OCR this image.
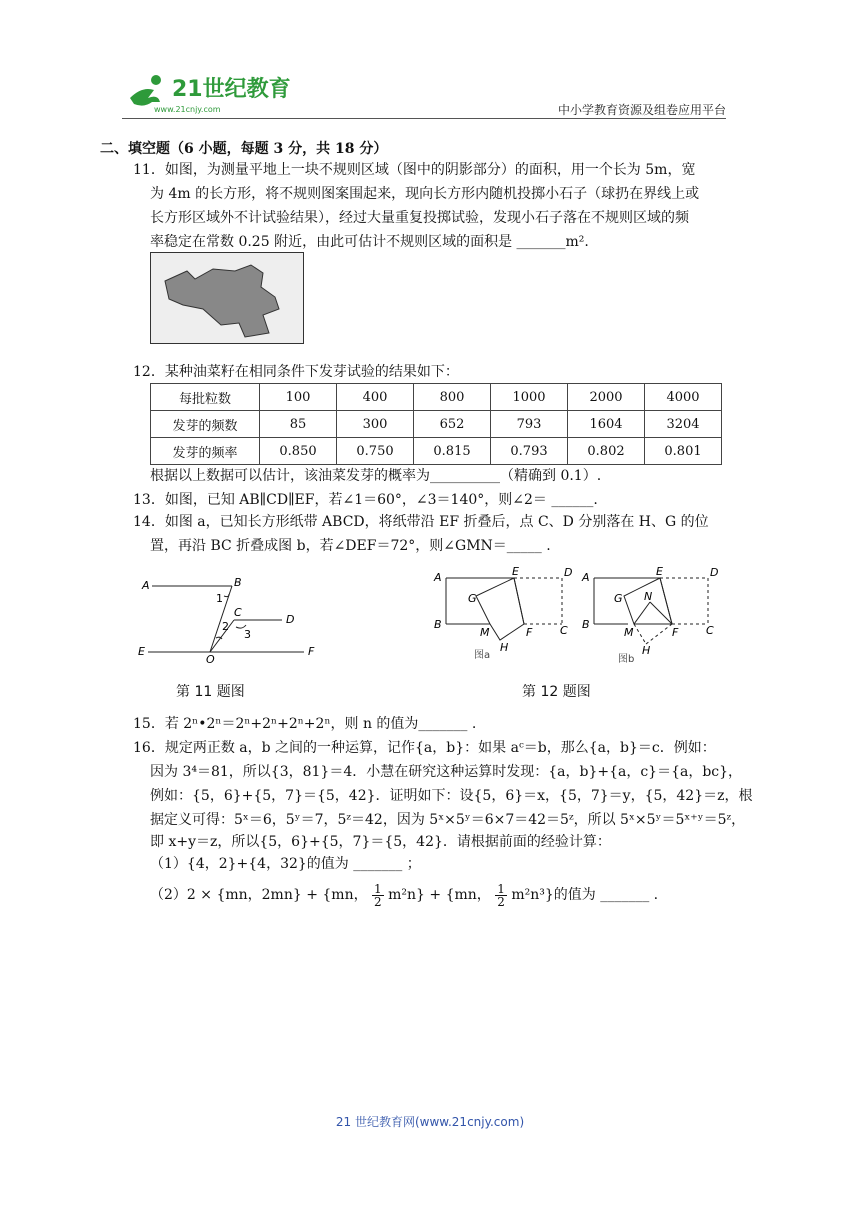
21世纪教育
www.21cnjy.com	中小学教育资源及组卷应用平台
二、填空题（6 小题，每题 3 分，共 18 分）
11．如图，为测量平地上一块不规则区域（图中的阴影部分）的面积，用一个长为 5m，宽
为 4m 的长方形，将不规则图案围起来，现向长方形内随机投掷小石子（球扔在界线上或
长方形区域外不计试验结果），经过大量重复投掷试验，发现小石子落在不规则区域的频
率稳定在常数 0.25 附近，由此可估计不规则区域的面积是 _______m².
12．某种油菜籽在相同条件下发芽试验的结果如下：
每批粒数	100	400	800	1000	2000	4000
发芽的频数	85	300	652	793	1604	3204
发芽的频率	0.850	0.750	0.815	0.793	0.802	0.801
根据以上数据可以估计，该油菜发芽的概率为__________（精确到 0.1）.
13．如图，已知 AB∥CD∥EF，若∠1＝60°，∠3＝140°，则∠2＝ ______.
14．如图 a，已知长方形纸带 ABCD，将纸带沿 EF 折叠后，点 C、D 分别落在 H、G 的位
置，再沿 BC 折叠成图 b，若∠DEF＝72°，则∠GMN＝_____ .
A	B
C
D
E	F
O
1
2
3
A
B
E	D
C
G
M	F
H
图a
A
B
E	D
C
G N
M	F
H
图b
第 11 题图	第 12 题图
15．若 2ⁿ•2ⁿ＝2ⁿ+2ⁿ+2ⁿ+2ⁿ，则 n 的值为_______ .
16．规定两正数 a，b 之间的一种运算，记作{a，b}：如果 aᶜ＝b，那么{a，b}＝c．例如：
因为 3⁴＝81，所以{3，81}＝4．小慧在研究这种运算时发现：{a，b}+{a，c}＝{a，bc}，
例如：{5，6}+{5，7}＝{5，42}．证明如下：设{5，6}＝x，{5，7}＝y，{5，42}＝z，根
据定义可得：5ˣ＝6，5ʸ＝7，5ᶻ＝42，因为 5ˣ×5ʸ＝6×7＝42＝5ᶻ，所以 5ˣ×5ʸ＝5ˣ⁺ʸ＝5ᶻ，
即 x+y＝z，所以{5，6}+{5，7}＝{5，42}．请根据前面的经验计算：
（1）{4，2}+{4，32}的值为 _______ ；
（2）2 × {mn，2mn} + {mn， $\frac{1}{2} m^2n\} + \{mn$， $\frac{1}{2} m^2n^3$}的值为 _______ .
21 世纪教育网(www.21cnjy.com)
